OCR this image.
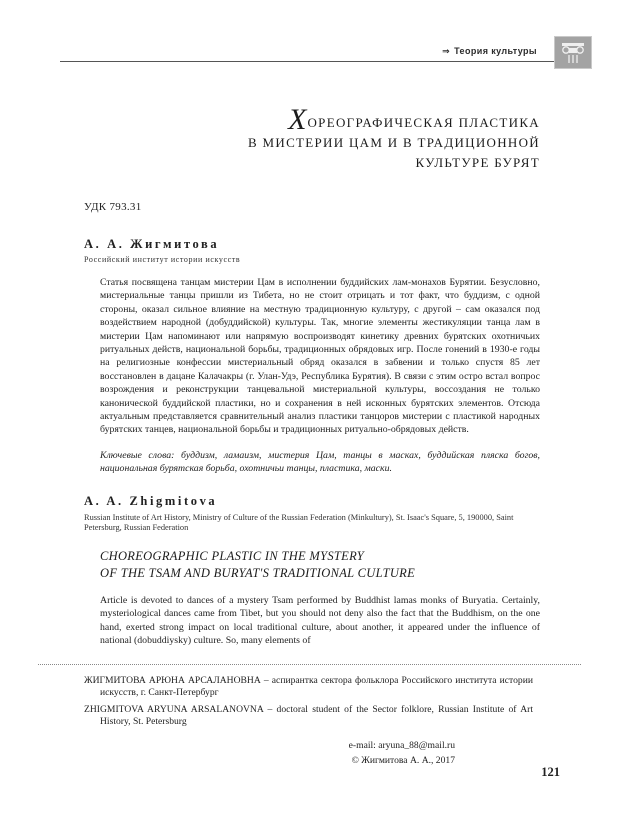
⇒ Теория культуры
ХОРЕОГРАФИЧЕСКАЯ ПЛАСТИКА
В МИСТЕРИИ ЦАМ И В ТРАДИЦИОННОЙ
КУЛЬТУРЕ БУРЯТ
УДК 793.31
А. А. Жигмитова
Российский институт истории искусств

Статья посвящена танцам мистерии Цам в исполнении буддийских лам-монахов Бурятии. Безусловно, мистериальные танцы пришли из Тибета, но не стоит отрицать и тот факт, что буддизм, с одной стороны, оказал сильное влияние на местную традиционную культуру, с другой – сам оказался под воздействием народной (добуддийской) культуры. Так, многие элементы жестикуляции танца лам в мистерии Цам напоминают или напрямую воспроизводят кинетику древних бурятских охотничьих ритуальных действ, национальной борьбы, традиционных обрядовых игр. После гонений в 1930-е годы на религиозные конфессии мистериальный обряд оказался в забвении и только спустя 85 лет восстановлен в дацане Калачакры (г. Улан-Удэ, Республика Бурятия). В связи с этим остро встал вопрос возрождения и реконструкции танцевальной мистериальной культуры, воссоздания не только канонической буддийской пластики, но и сохранения в ней исконных бурятских элементов. Отсюда актуальным представляется сравнительный анализ пластики танцоров мистерии с пластикой народных бурятских танцев, национальной борьбы и традиционных ритуально-обрядовых действ.

Ключевые слова: буддизм, ламаизм, мистерия Цам, танцы в масках, буддийская пляска богов, национальная бурятская борьба, охотничьи танцы, пластика, маски.

A. A. Zhigmitova
Russian Institute of Art History, Ministry of Culture of the Russian Federation (Minkultury), St. Isaac's Square, 5, 190000, Saint Petersburg, Russian Federation
CHOREOGRAPHIC PLASTIC IN THE MYSTERY
OF THE TSAM AND BURYAT'S TRADITIONAL CULTURE

Article is devoted to dances of a mystery Tsam performed by Buddhist lamas monks of Buryatia. Certainly, mysteriological dances came from Tibet, but you should not deny also the fact that the Buddhism, on the one hand, exerted strong impact on local traditional culture, about another, it appeared under the influence of national (dobuddiysky) culture. So, many elements of

ЖИГМИТОВА АРЮНА АРСАЛАНОВНА – аспирантка сектора фольклора Российского института истории искусств, г. Санкт-Петербург

ZHIGMITOVA ARYUNA ARSALANOVNA – doctoral student of the Sector folklore, Russian Institute of Art History, St. Petersburg

e-mail: aryuna_88@mail.ru
© Жигмитова А. А., 2017
121
